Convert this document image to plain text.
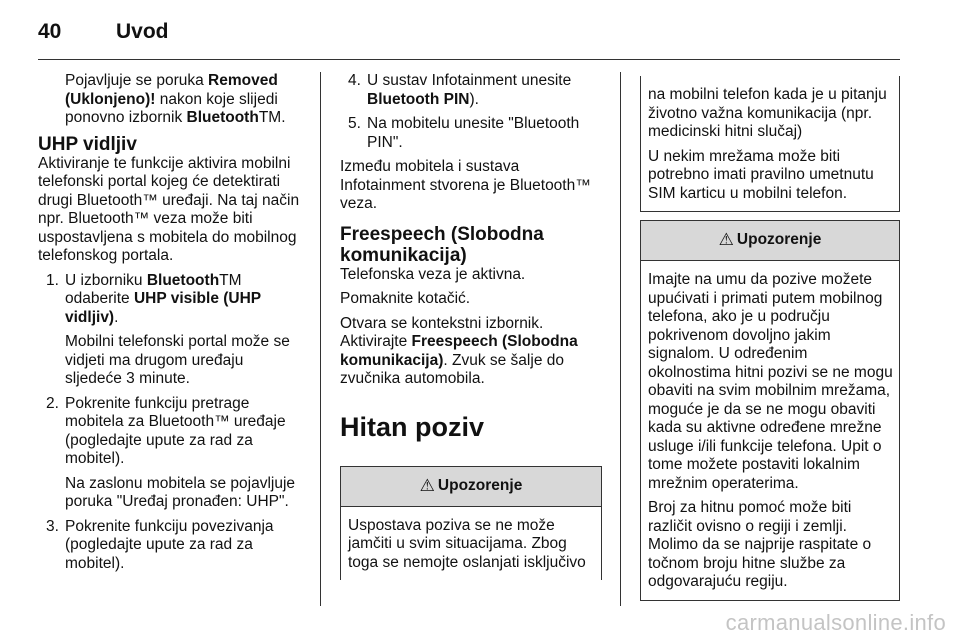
40	Uvod

Pojavljuje se poruka Removed (Uklonjeno)! nakon koje slijedi ponovno izbornik BluetoothTM.

UHP vidljiv

Aktiviranje te funkcije aktivira mobilni telefonski portal kojeg će detektirati drugi Bluetooth™ uređaji. Na taj način npr. Bluetooth™ veza može biti uspostavljena s mobitela do mobilnog telefonskog portala.

1. U izborniku BluetoothTM odaberite UHP visible (UHP vidljiv).

Mobilni telefonski portal može se vidjeti ma drugom uređaju sljedeće 3 minute.

2. Pokrenite funkciju pretrage mobitela za Bluetooth™ uređaje (pogledajte upute za rad za mobitel).

Na zaslonu mobitela se pojavljuje poruka "Uređaj pronađen: UHP".

3. Pokrenite funkciju povezivanja (pogledajte upute za rad za mobitel).

4. U sustav Infotainment unesite Bluetooth PIN).

5. Na mobitelu unesite "Bluetooth PIN".

Između mobitela i sustava Infotainment stvorena je Bluetooth™ veza.

Freespeech (Slobodna komunikacija)

Telefonska veza je aktivna.

Pomaknite kotačić.

Otvara se kontekstni izbornik. Aktivirajte Freespeech (Slobodna komunikacija). Zvuk se šalje do zvučnika automobila.

Hitan poziv
⚠ Upozorenje

Uspostava poziva se ne može jamčiti u svim situacijama. Zbog toga se nemojte oslanjati isključivo

na mobilni telefon kada je u pitanju životno važna komunikacija (npr. medicinski hitni slučaj)

U nekim mrežama može biti potrebno imati pravilno umetnutu SIM karticu u mobilni telefon.

⚠ Upozorenje

Imajte na umu da pozive možete upućivati i primati putem mobilnog telefona, ako je u području pokrivenom dovoljno jakim signalom. U određenim okolnostima hitni pozivi se ne mogu obaviti na svim mobilnim mrežama, moguće je da se ne mogu obaviti kada su aktivne određene mrežne usluge i/ili funkcije telefona. Upit o tome možete postaviti lokalnim mrežnim operaterima.

Broj za hitnu pomoć može biti različit ovisno o regiji i zemlji. Molimo da se najprije raspitate o točnom broju hitne službe za odgovarajuću regiju.

carmanualsonline.info
